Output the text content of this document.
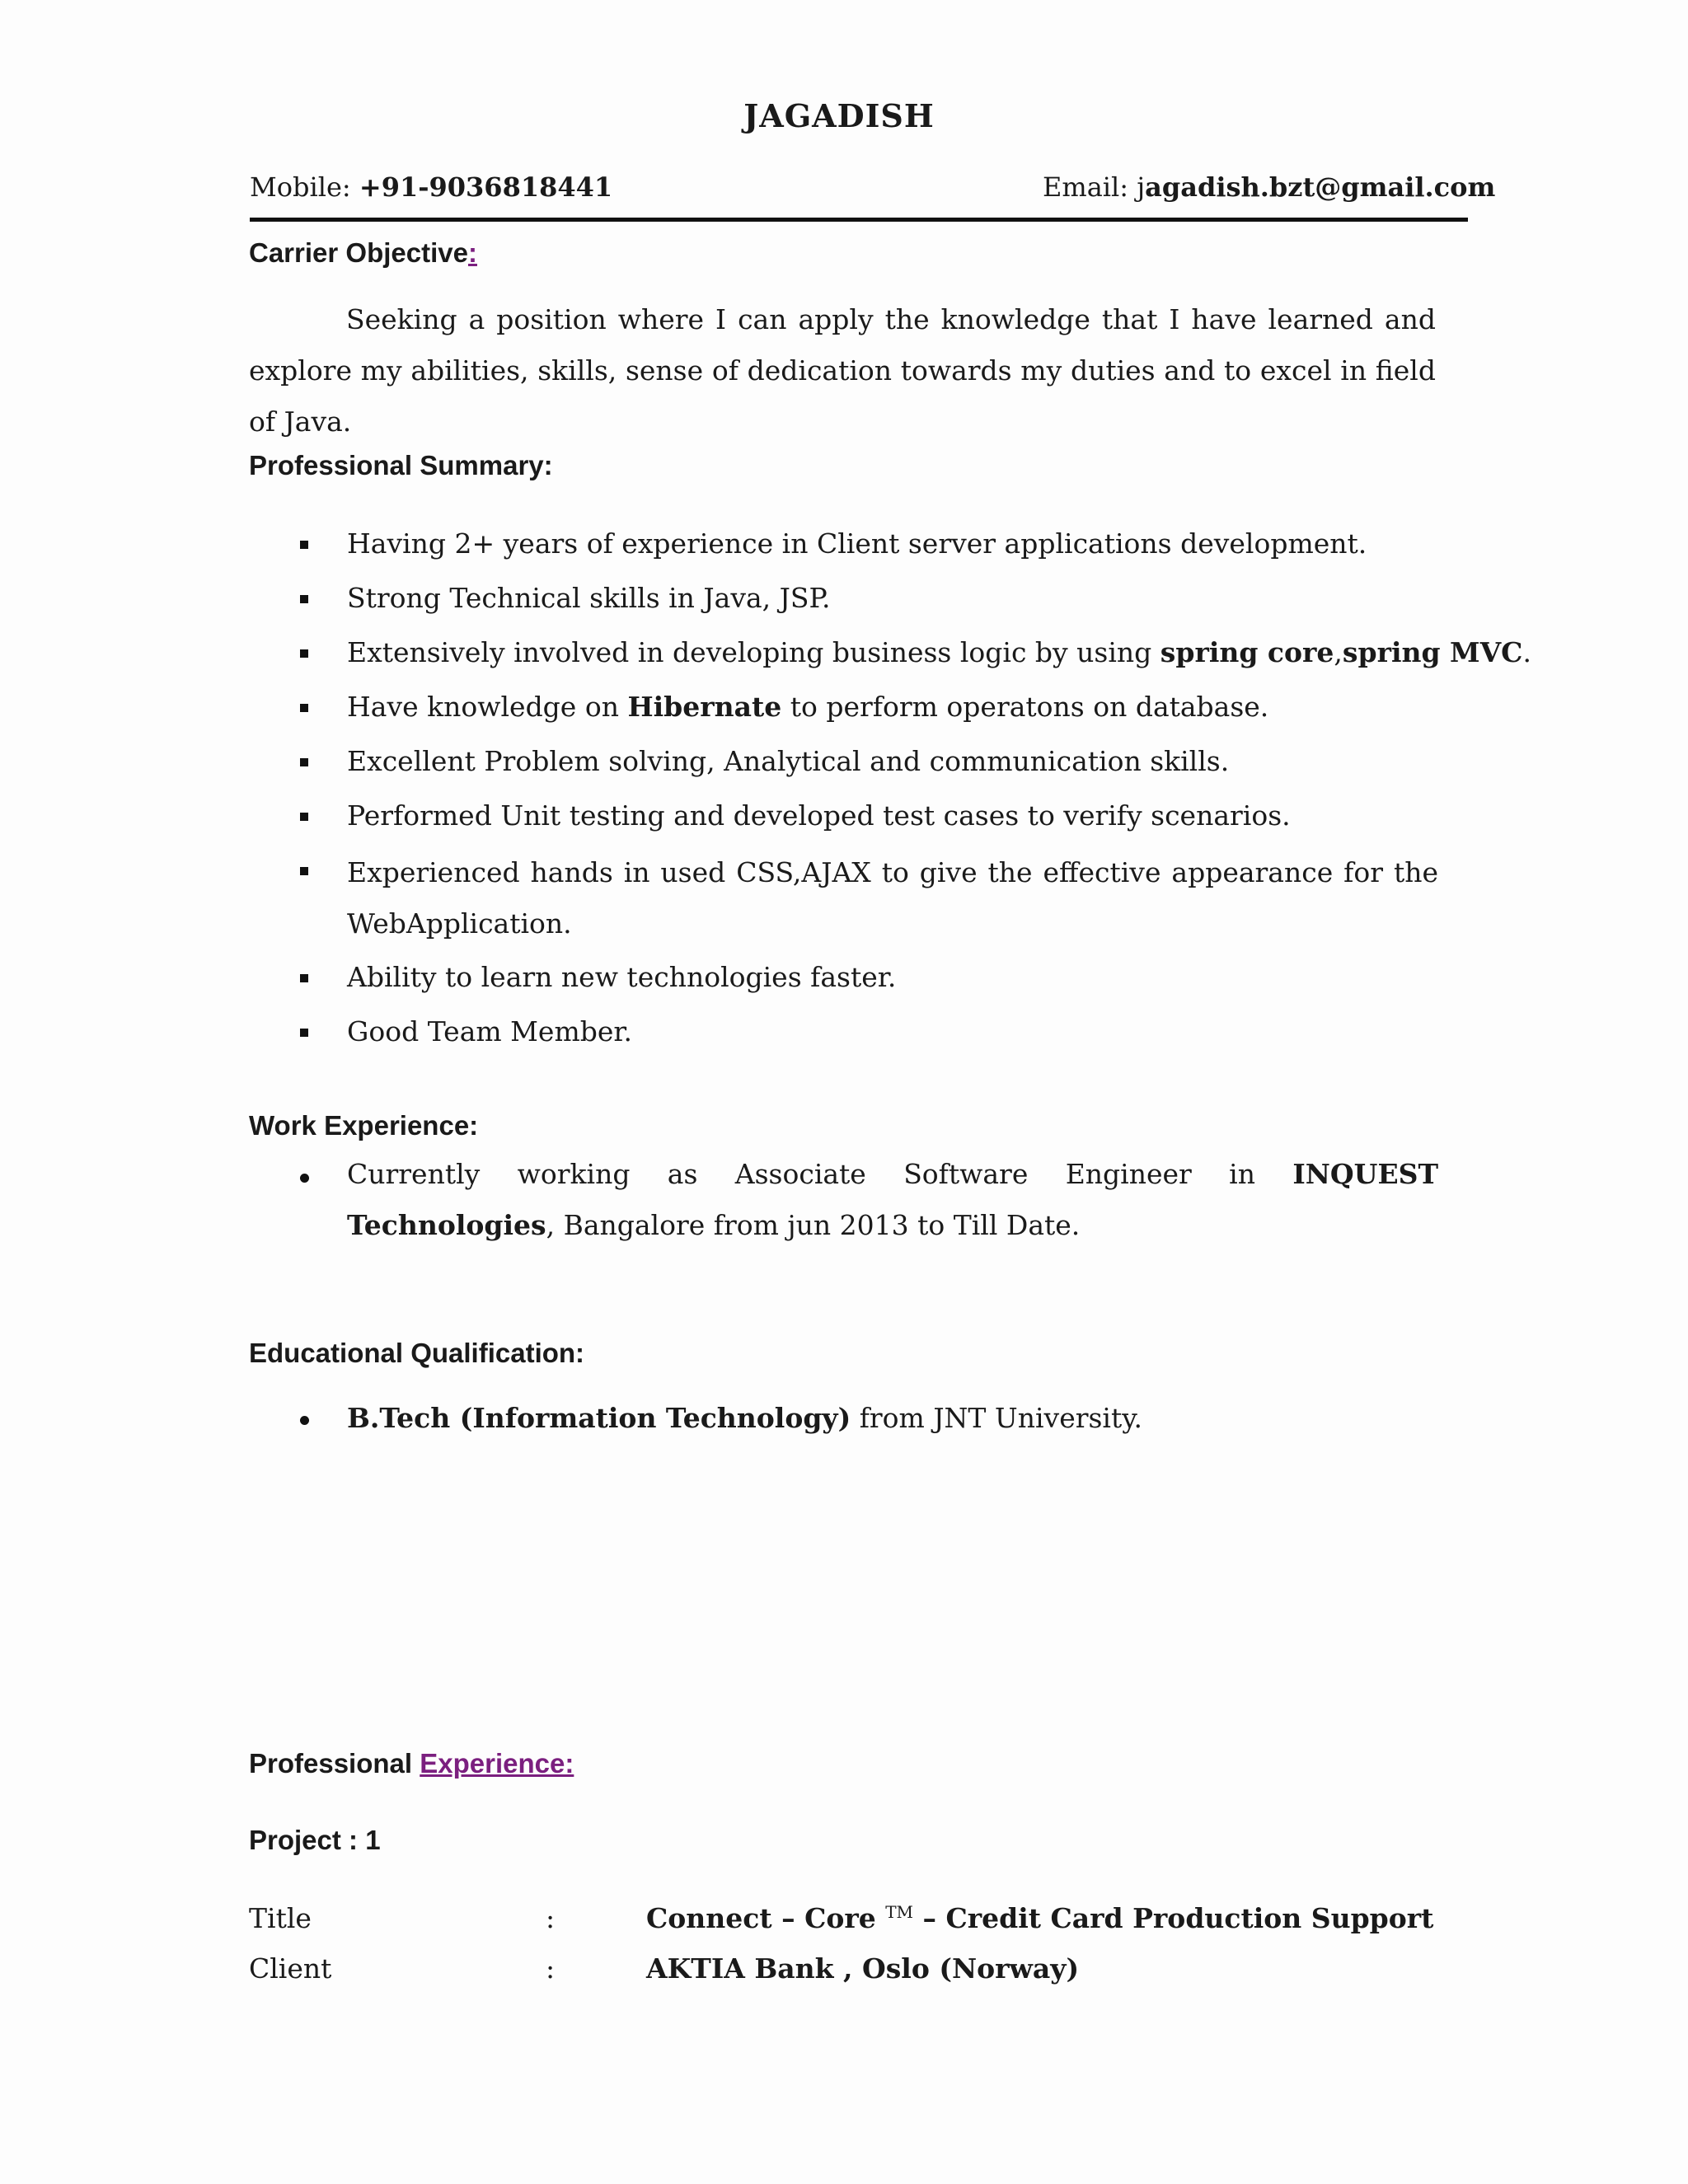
JAGADISH
Mobile: +91-9036818441	Email: jagadish.bzt@gmail.com
Carrier Objective:
Seeking a position where I can apply the knowledge that I have learned and explore my abilities, skills, sense of dedication towards my duties and to excel in field of Java.
Professional Summary:
Having 2+ years of experience in Client server applications development.
Strong Technical skills in Java, JSP.
Extensively involved in developing business logic by using spring core,spring MVC.
Have knowledge on Hibernate to perform operatons on database.
Excellent Problem solving, Analytical and communication skills.
Performed Unit testing and developed test cases to verify scenarios.
Experienced hands in used CSS,AJAX to give the effective appearance for the WebApplication.
Ability to learn new technologies faster.
Good Team Member.
Work Experience:
Currently working as Associate Software Engineer in INQUEST Technologies, Bangalore from jun 2013 to Till Date.
Educational Qualification:
B.Tech (Information Technology) from JNT University.
Professional Experience:
Project : 1
Title	:	Connect – Core ™ – Credit Card Production Support
Client	:	AKTIA Bank , Oslo (Norway)
